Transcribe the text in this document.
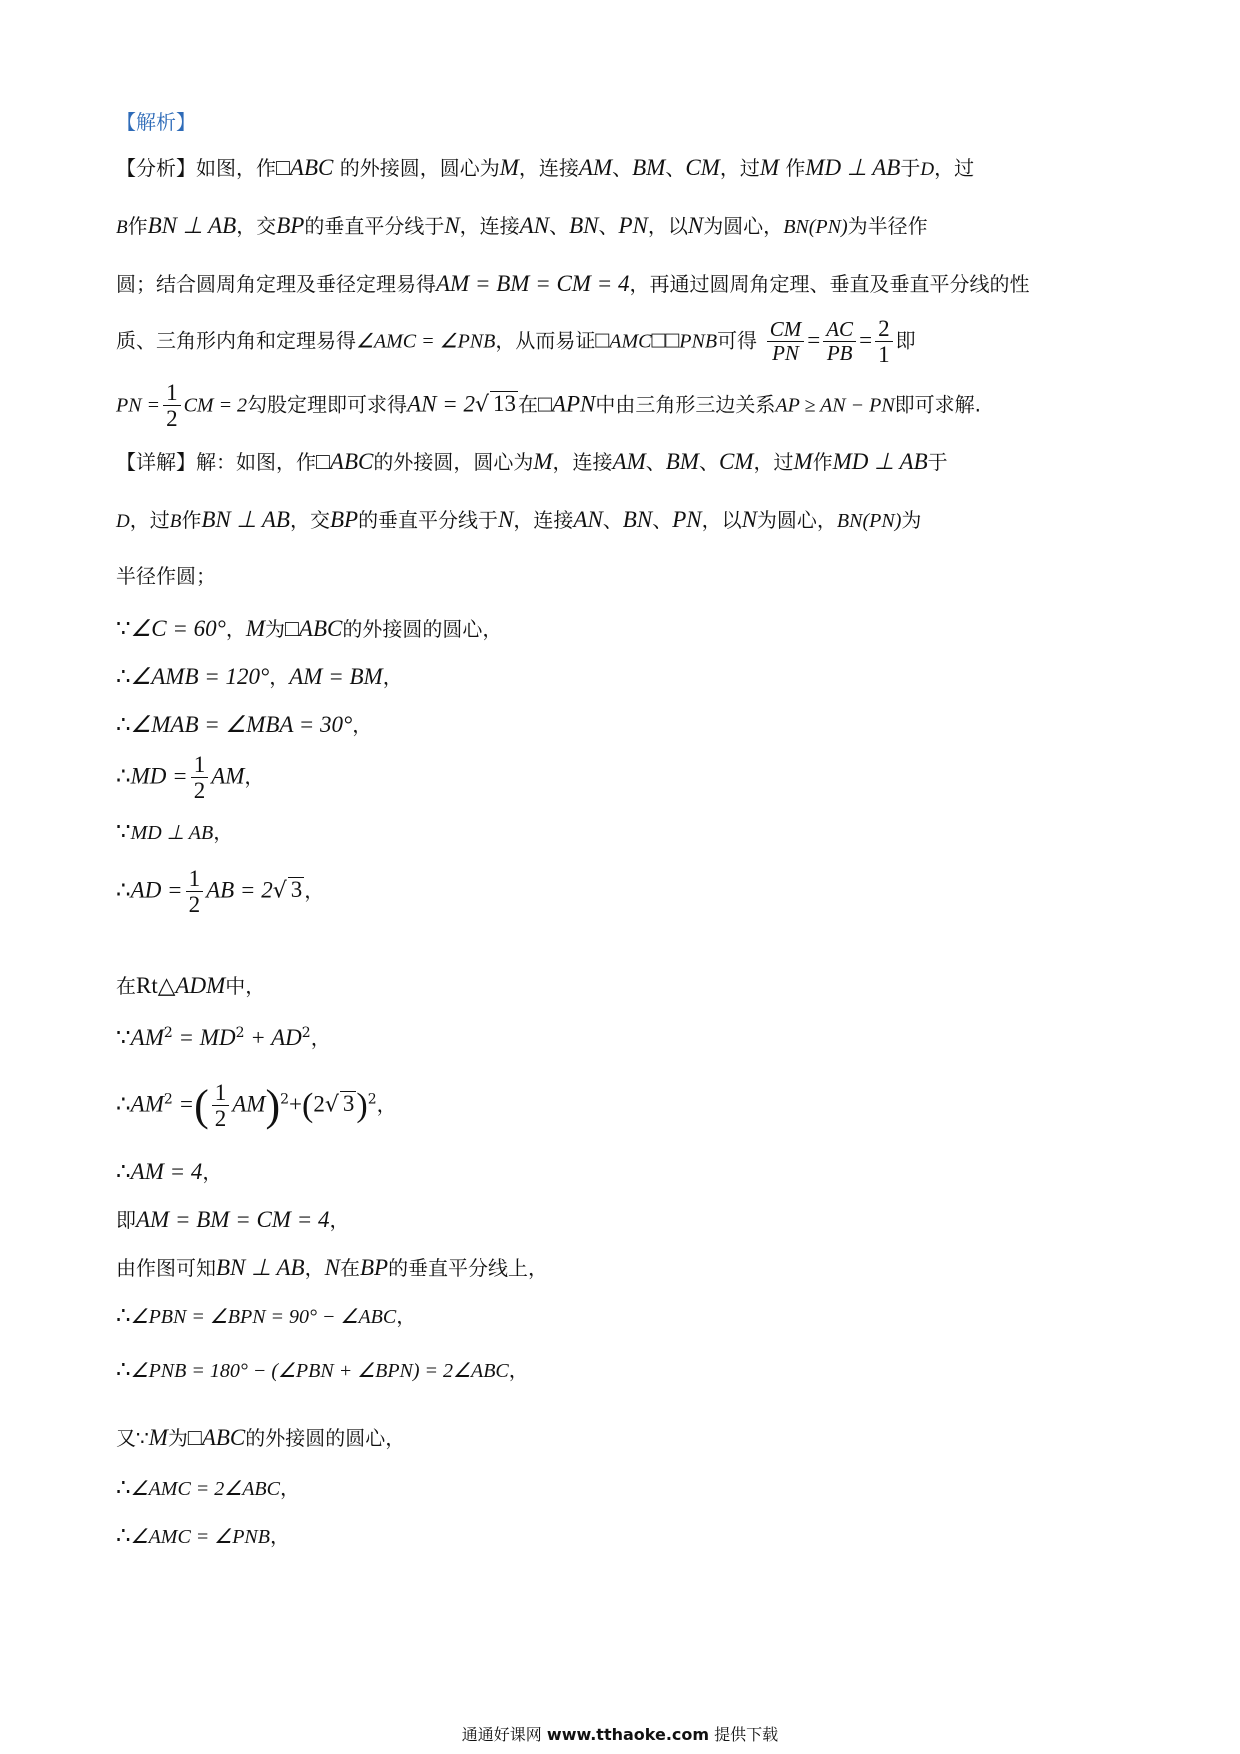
【解析】
【分析】如图，作□ABC 的外接圆，圆心为M，连接AM、BM、CM，过M 作MD ⊥ AB于D，过
B作BN ⊥ AB，交BP的垂直平分线于N，连接AN、BN、PN，以N为圆心，BN(PN)为半径作
圆；结合圆周角定理及垂径定理易得AM = BM = CM = 4，再通过圆周角定理、垂直及垂直平分线的性
质、三角形内角和定理易得∠AMC = ∠PNB，从而易证□AMC□□PNB可得 $\frac{CM}{PN} = \frac{AC}{PB} = \frac{2}{1}$ 即
PN = $\frac{1}{2}$ CM = 2勾股定理即可求得AN = 2√ 13 在□APN中由三角形三边关系AP ≥ AN − PN即可求解.
【详解】解：如图，作□ABC的外接圆，圆心为M，连接AM、BM、CM，过M作MD ⊥ AB于
D，过B作BN ⊥ AB，交BP的垂直平分线于N，连接AN、BN、PN，以N为圆心，BN(PN)为
半径作圆；
∵∠C = 60°，M为□ABC的外接圆的圆心，
∴∠AMB = 120°，AM = BM，
∴∠MAB = ∠MBA = 30°，
∴MD = $\frac{1}{2}$ AM，
∵MD ⊥ AB，
∴AD = $\frac{1}{2}$ AB = 2√ 3 ，
在Rt△ADM中，
$\because AM^2 = MD^2 + AD^2$，
$\therefore AM^2$ =( $\frac{1}{2} AM)^2+(2√$ 3)$^2$，
∴AM = 4，
即AM = BM = CM = 4，
由作图可知BN ⊥ AB，N在BP的垂直平分线上，
∴∠PBN = ∠BPN = 90° − ∠ABC，
∴∠PNB = 180° − (∠PBN + ∠BPN) = 2∠ABC，
又∵M为□ABC的外接圆的圆心，
∴∠AMC = 2∠ABC，
∴∠AMC = ∠PNB，
通通好课网 www.tthaoke.com 提供下载
